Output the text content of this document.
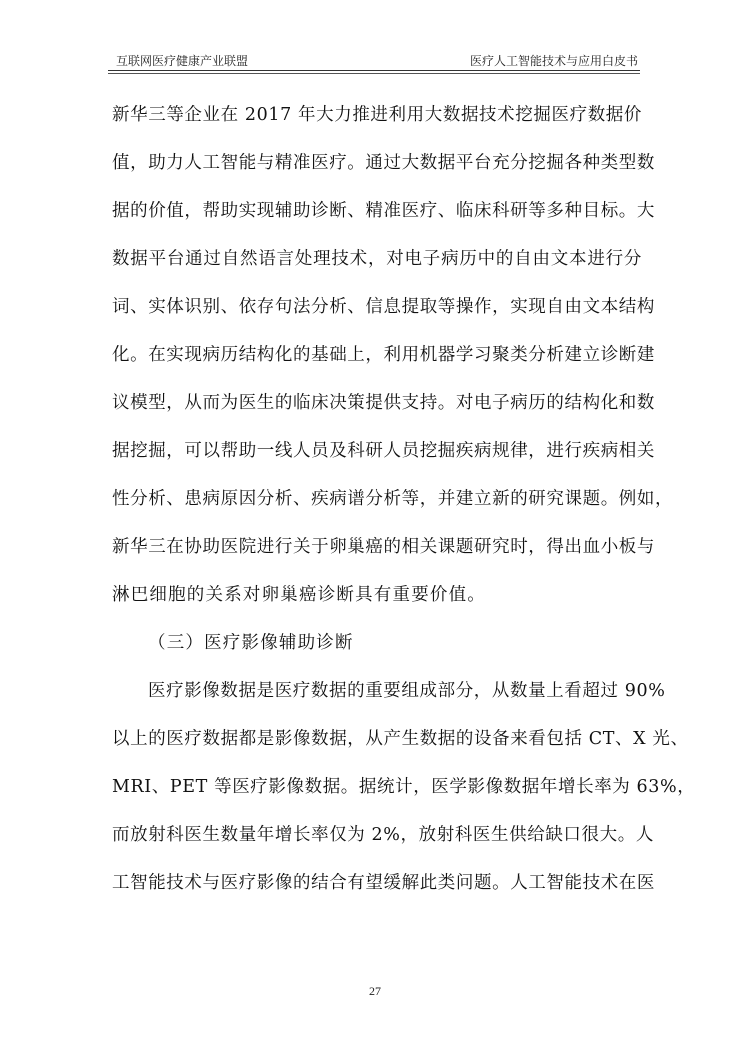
互联网医疗健康产业联盟	医疗人工智能技术与应用白皮书
新华三等企业在 2017 年大力推进利用大数据技术挖掘医疗数据价
值，助力人工智能与精准医疗。通过大数据平台充分挖掘各种类型数
据的价值，帮助实现辅助诊断、精准医疗、临床科研等多种目标。大
数据平台通过自然语言处理技术，对电子病历中的自由文本进行分
词、实体识别、依存句法分析、信息提取等操作，实现自由文本结构
化。在实现病历结构化的基础上，利用机器学习聚类分析建立诊断建
议模型，从而为医生的临床决策提供支持。对电子病历的结构化和数
据挖掘，可以帮助一线人员及科研人员挖掘疾病规律，进行疾病相关
性分析、患病原因分析、疾病谱分析等，并建立新的研究课题。例如，
新华三在协助医院进行关于卵巢癌的相关课题研究时，得出血小板与
淋巴细胞的关系对卵巢癌诊断具有重要价值。
（三）医疗影像辅助诊断
医疗影像数据是医疗数据的重要组成部分，从数量上看超过 90%
以上的医疗数据都是影像数据，从产生数据的设备来看包括 CT、X 光、
MRI、PET 等医疗影像数据。据统计，医学影像数据年增长率为 63%，
而放射科医生数量年增长率仅为 2%，放射科医生供给缺口很大。人
工智能技术与医疗影像的结合有望缓解此类问题。人工智能技术在医
27
